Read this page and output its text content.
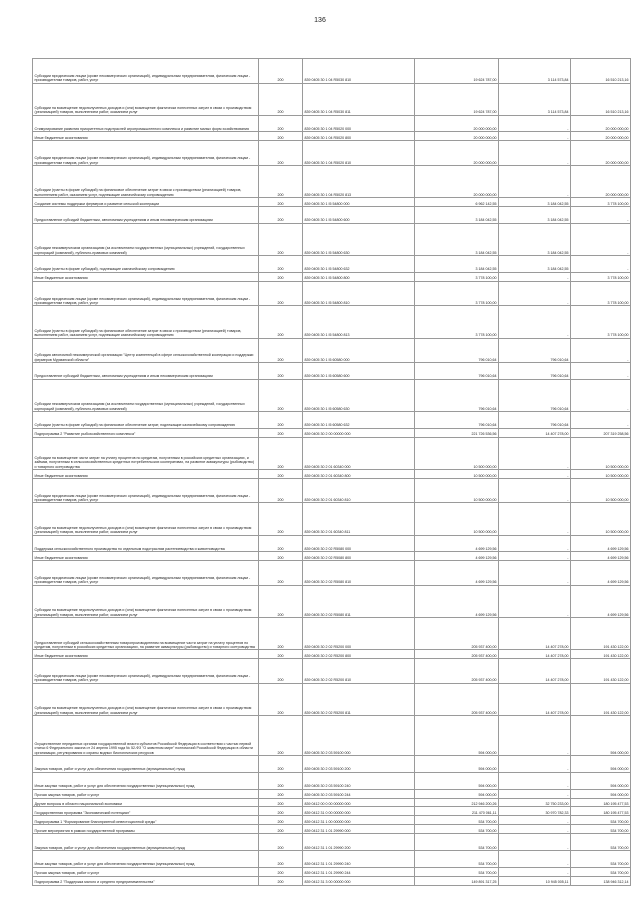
136
Субсидии юридическим лицам (кроме некоммерческих организаций), индивидуальным предпринимателям, физическим лицам - производителям товаров, работ, услуг	200	839 0405 30 1 04 R5030 810	19 624 787,00	3 114 573,84	16 510 213,16
Субсидии на возмещение недополученных доходов и (или) возмещение фактически понесенных затрат в связи с производством (реализацией) товаров, выполнением работ, оказанием услуг	200	839 0405 30 1 04 R5030 811	19 624 787,00	3 114 573,84	16 510 213,16
Стимулирование развития приоритетных подотраслей агропромышленного комплекса и развитие малых форм хозяйствования	200	839 0405 30 1 04 R5020 000	20 000 000,00	-	20 000 000,00
Иные бюджетные ассигнования	200	839 0405 30 1 04 R5020 800	20 000 000,00	-	20 000 000,00
Субсидии юридическим лицам (кроме некоммерческих организаций), индивидуальным предпринимателям, физическим лицам - производителям товаров, работ, услуг	200	839 0405 30 1 04 R5020 810	20 000 000,00	-	20 000 000,00
Субсидии (гранты в форме субсидий) на финансовое обеспечение затрат в связи с производством (реализацией) товаров, выполнением работ, оказанием услуг, подлежащие казначейскому сопровождению	200	839 0405 30 1 04 R5020 813	20 000 000,00	-	20 000 000,00
Создание системы поддержки фермеров и развитие сельской кооперации	200	839 0405 30 1 I5 54800 000	6 962 142,55	3 184 042,55	3 778 100,00
Предоставление субсидий бюджетным, автономным учреждениям и иным некоммерческим организациям	200	839 0405 30 1 I5 54800 600	3 184 042,55	3 184 042,55	-
Субсидии некоммерческим организациям (за исключением государственных (муниципальных) учреждений, государственных корпораций (компаний), публично-правовых компаний)	200	839 0405 30 1 I5 54800 630	3 184 042,55	3 184 042,55	-
Субсидии (гранты в форме субсидий), подлежащие казначейскому сопровождению	200	839 0405 30 1 I5 54800 632	3 184 042,55	3 184 042,55	-
Иные бюджетные ассигнования	200	839 0405 30 1 I5 54800 800	3 778 100,00	-	3 778 100,00
Субсидии юридическим лицам (кроме некоммерческих организаций), индивидуальным предпринимателям, физическим лицам - производителям товаров, работ, услуг	200	839 0405 30 1 I5 54800 810	3 778 100,00	-	3 778 100,00
Субсидии (гранты в форме субсидий) на финансовое обеспечение затрат в связи с производством (реализацией) товаров, выполнением работ, оказанием услуг, подлежащие казначейскому сопровождению	200	839 0405 30 1 I5 54800 813	3 778 100,00	-	3 778 100,00
Субсидия автономной некоммерческой организации "Центр компетенций в сфере сельскохозяйственной кооперации и поддержки фермеров Мурманской области"	200	839 0405 30 1 I5 60580 000	796 010,64	796 010,64	-
Предоставление субсидий бюджетным, автономным учреждениям и иным некоммерческим организациям	200	839 0405 30 1 I5 60580 600	796 010,64	796 010,64	-
Субсидии некоммерческим организациям (за исключением государственных (муниципальных) учреждений, государственных корпораций (компаний), публично-правовых компаний)	200	839 0405 30 1 I5 60580 630	796 010,64	796 010,64	-
Субсидии (гранты в форме субсидий) на финансовое обеспечение затрат, подлежащие казначейскому сопровождению	200	839 0405 30 1 I5 60580 632	796 010,64	796 010,64	-
Подпрограмма 2 "Развитие рыбохозяйственного комплекса"	200	839 0405 30 2 00 00000 000	221 726 536,56	14 407 278,00	207 319 258,56
Субсидии на возмещение части затрат на уплату процентов по кредитам, полученным в российских кредитных организациях, и займам, полученным в сельскохозяйственных кредитных потребительских кооперативах, на развитие аквакультуры (рыбоводство) и товарного осетроводства	200	839 0405 30 2 01 60340 000	10 500 000,00	-	10 500 000,00
Иные бюджетные ассигнования	200	839 0405 30 2 01 60340 800	10 500 000,00	-	10 500 000,00
Субсидии юридическим лицам (кроме некоммерческих организаций), индивидуальным предпринимателям, физическим лицам - производителям товаров, работ, услуг	200	839 0405 30 2 01 60340 810	10 500 000,00	-	10 500 000,00
Субсидии на возмещение недополученных доходов и (или) возмещение фактически понесенных затрат в связи с производством (реализацией) товаров, выполнением работ, оказанием услуг	200	839 0405 30 2 01 60340 811	10 500 000,00	-	10 500 000,00
Поддержка сельскохозяйственного производства по отдельным подотраслям растениеводства и животноводства	200	839 0405 30 2 02 R5080 000	4 699 129,56	-	4 699 129,56
Иные бюджетные ассигнования	200	839 0405 30 2 02 R5080 800	4 699 129,56	-	4 699 129,56
Субсидии юридическим лицам (кроме некоммерческих организаций), индивидуальным предпринимателям, физическим лицам - производителям товаров, работ, услуг	200	839 0405 30 2 02 R5080 810	4 699 129,56	-	4 699 129,56
Субсидии на возмещение недополученных доходов и (или) возмещение фактически понесенных затрат в связи с производством (реализацией) товаров, выполнением работ, оказанием услуг	200	839 0405 30 2 02 R5080 811	4 699 129,56	-	4 699 129,56
Предоставление субсидий сельскохозяйственным товаропроизводителям на возмещение части затрат на уплату процентов по кредитам, полученным в российских кредитных организациях, на развитие аквакультуры (рыбоводство) и товарного осетроводства	200	839 0405 30 2 02 R5200 000	205 937 400,00	14 407 278,00	191 430 122,00
Иные бюджетные ассигнования	200	839 0405 30 2 02 R5200 800	205 937 400,00	14 407 278,00	191 430 122,00
Субсидии юридическим лицам (кроме некоммерческих организаций), индивидуальным предпринимателям, физическим лицам - производителям товаров, работ, услуг	200	839 0405 30 2 02 R5200 810	205 937 400,00	14 407 278,00	191 430 122,00
Субсидии на возмещение недополученных доходов и (или) возмещение фактически понесенных затрат в связи с производством (реализацией) товаров, выполнением работ, оказанием услуг	200	839 0405 30 2 02 R5200 811	205 937 400,00	14 407 278,00	191 430 122,00
Осуществление переданных органам государственной власти субъектов Российской Федерации в соответствии с частью первой статьи 6 Федерального закона от 24 апреля 1995 года № 52-ФЗ "О животном мире" полномочий Российской Федерации в области организации, регулирования и охраны водных биологических ресурсов	200	839 0405 30 2 03 59100 000	594 000,00	-	594 000,00
Закупка товаров, работ и услуг для обеспечения государственных (муниципальных) нужд	200	839 0405 30 2 03 59100 200	594 000,00	-	594 000,00
Иные закупки товаров, работ и услуг для обеспечения государственных (муниципальных) нужд	200	839 0405 30 2 03 59100 240	594 000,00	-	594 000,00
Прочая закупка товаров, работ и услуг	200	839 0405 30 2 03 59100 244	594 000,00	-	594 000,00
Другие вопросы в области национальной экономики	200	839 0412 00 0 00 00000 000	212 946 200,26	32 750 233,00	180 195 477,53
Государственная программа "Экономический потенциал"	200	839 0412 31 0 00 00000 000	211 470 061,11	30 970 782,33	180 195 477,53
Подпрограмма 1 "Формирование благоприятной инвестиционной среды"	200	839 0412 31 1 00 00000 000	534 700,00	-	534 700,00
Прочие мероприятия в рамках государственной программы	200	839 0412 31 1 01 29990 000	534 700,00	-	534 700,00
Закупка товаров, работ и услуг для обеспечения государственных (муниципальных) нужд	200	839 0412 31 1 01 29990 200	534 700,00	-	534 700,00
Иные закупки товаров, работ и услуг для обеспечения государственных (муниципальных) нужд	200	839 0412 31 1 01 29990 240	534 700,00	-	534 700,00
Прочая закупка товаров, работ и услуг	200	839 0412 31 1 01 29990 244	534 700,00	-	534 700,00
Подпрограмма 2 "Поддержка малого и среднего предпринимательства"	200	839 0412 31 3 00 00000 000	149 891 317,25	10 945 005,11	138 946 312,14
